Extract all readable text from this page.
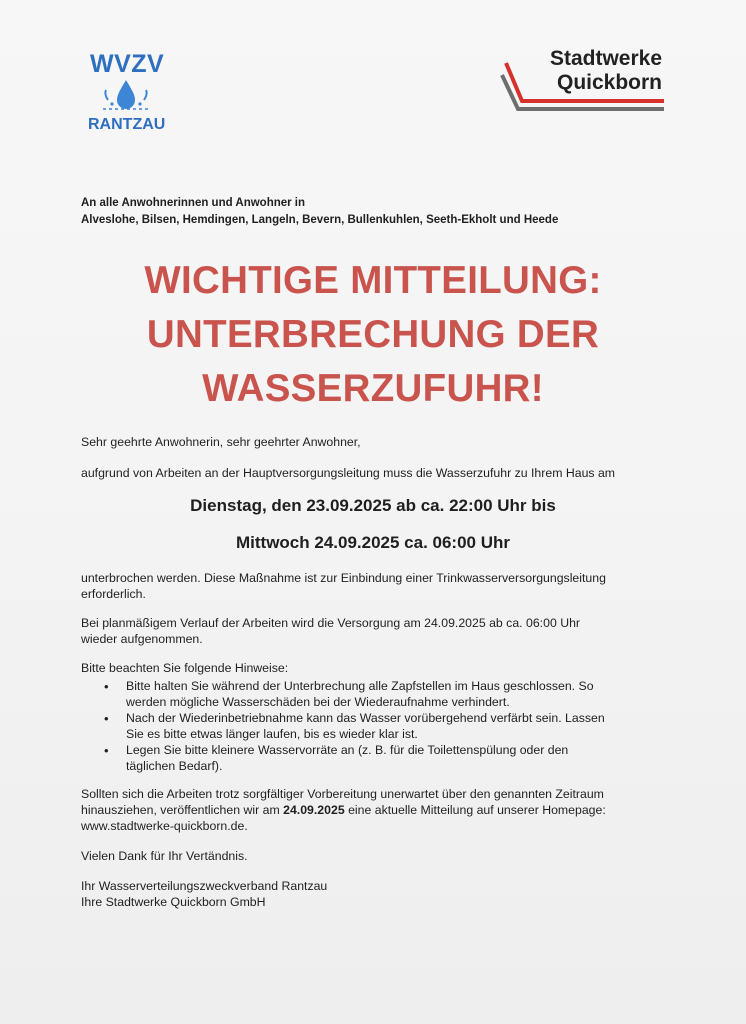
WVZV
RANTZAU
Stadtwerke
Quickborn
An alle Anwohnerinnen und Anwohner in
Alveslohe, Bilsen, Hemdingen, Langeln, Bevern, Bullenkuhlen, Seeth-Ekholt und Heede
WICHTIGE MITTEILUNG:
UNTERBRECHUNG DER
WASSERZUFUHR!
Sehr geehrte Anwohnerin, sehr geehrter Anwohner,
aufgrund von Arbeiten an der Hauptversorgungsleitung muss die Wasserzufuhr zu Ihrem Haus am
Dienstag, den 23.09.2025 ab ca. 22:00 Uhr bis
Mittwoch 24.09.2025 ca. 06:00 Uhr
unterbrochen werden. Diese Maßnahme ist zur Einbindung einer Trinkwasserversorgungsleitung
erforderlich.
Bei planmäßigem Verlauf der Arbeiten wird die Versorgung am 24.09.2025 ab ca. 06:00 Uhr
wieder aufgenommen.
Bitte beachten Sie folgende Hinweise:
• Bitte halten Sie während der Unterbrechung alle Zapfstellen im Haus geschlossen. So
werden mögliche Wasserschäden bei der Wiederaufnahme verhindert.
• Nach der Wiederinbetriebnahme kann das Wasser vorübergehend verfärbt sein. Lassen
Sie es bitte etwas länger laufen, bis es wieder klar ist.
• Legen Sie bitte kleinere Wasservorräte an (z. B. für die Toilettenspülung oder den
täglichen Bedarf).
Sollten sich die Arbeiten trotz sorgfältiger Vorbereitung unerwartet über den genannten Zeitraum
hinausziehen, veröffentlichen wir am 24.09.2025 eine aktuelle Mitteilung auf unserer Homepage:
www.stadtwerke-quickborn.de.
Vielen Dank für Ihr Vertändnis.
Ihr Wasserverteilungszweckverband Rantzau
Ihre Stadtwerke Quickborn GmbH
